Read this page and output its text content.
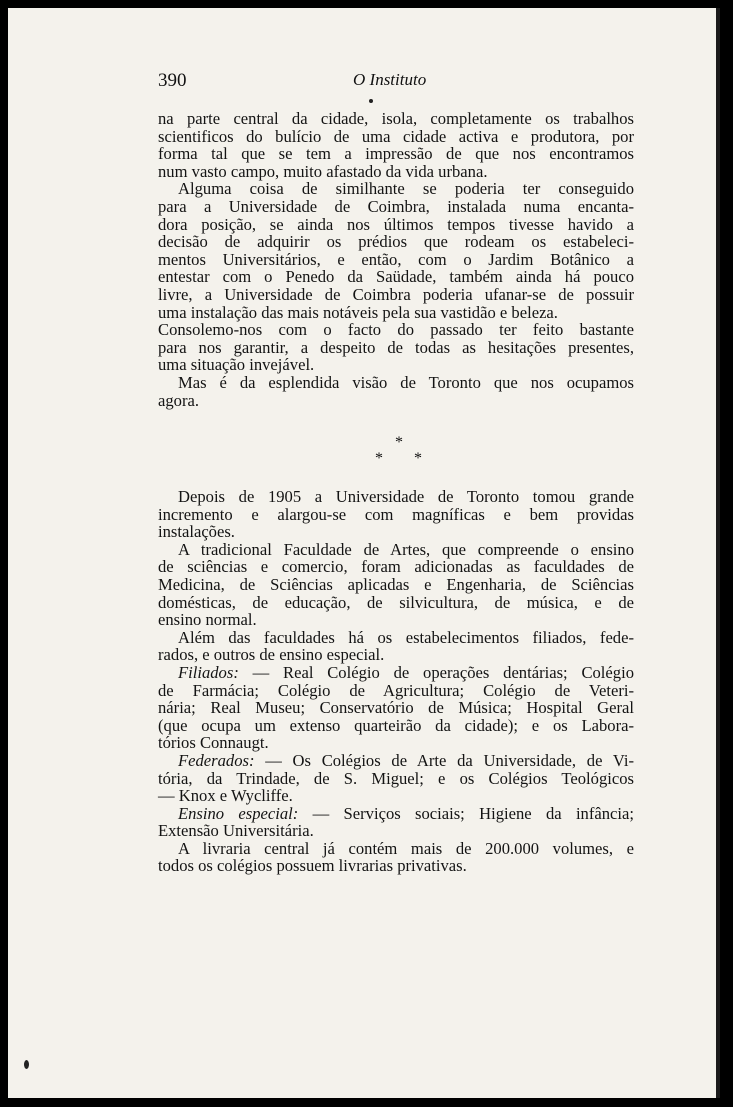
390	O Instituto
na parte central da cidade, isola, completamente os trabalhos
scientificos do bulício de uma cidade activa e produtora, por
forma tal que se tem a impressão de que nos encontramos
num vasto campo, muito afastado da vida urbana.
Alguma coisa de similhante se poderia ter conseguido
para a Universidade de Coimbra, instalada numa encanta-
dora posição, se ainda nos últimos tempos tivesse havido a
decisão de adquirir os prédios que rodeam os estabeleci-
mentos Universitários, e então, com o Jardim Botânico a
entestar com o Penedo da Saüdade, também ainda há pouco
livre, a Universidade de Coimbra poderia ufanar-se de possuir
uma instalação das mais notáveis pela sua vastidão e beleza.
Consolemo-nos com o facto do passado ter feito bastante
para nos garantir, a despeito de todas as hesitações presentes,
uma situação invejável.
Mas é da esplendida visão de Toronto que nos ocupamos
agora.
*
* *
Depois de 1905 a Universidade de Toronto tomou grande
incremento e alargou-se com magníficas e bem providas
instalações.
A tradicional Faculdade de Artes, que compreende o ensino
de sciências e comercio, foram adicionadas as faculdades de
Medicina, de Sciências aplicadas e Engenharia, de Sciências
domésticas, de educação, de silvicultura, de música, e de
ensino normal.
Além das faculdades há os estabelecimentos filiados, fede-
rados, e outros de ensino especial.
Filiados: — Real Colégio de operações dentárias; Colégio
de Farmácia; Colégio de Agricultura; Colégio de Veteri-
nária; Real Museu; Conservatório de Música; Hospital Geral
(que ocupa um extenso quarteirão da cidade); e os Labora-
tórios Connaugt.
Federados: — Os Colégios de Arte da Universidade, de Vi-
tória, da Trindade, de S. Miguel; e os Colégios Teológicos
— Knox e Wycliffe.
Ensino especial: — Serviços sociais; Higiene da infância;
Extensão Universitária.
A livraria central já contém mais de 200.000 volumes, e
todos os colégios possuem livrarias privativas.
